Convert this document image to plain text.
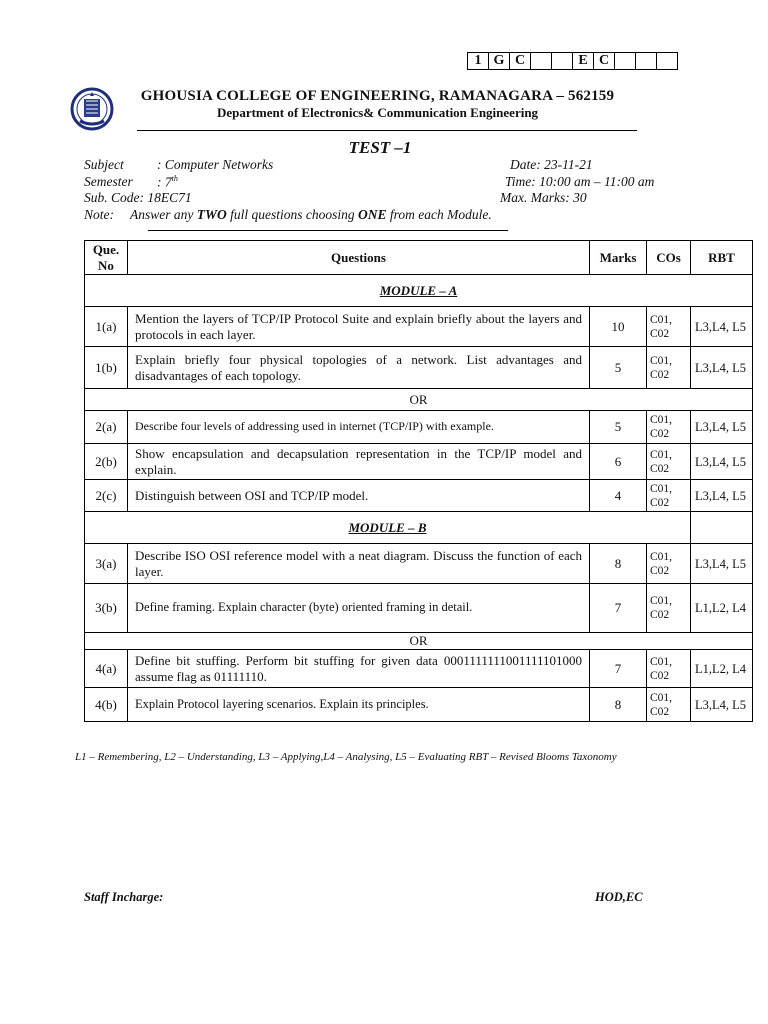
1 G C	E C
GHOUSIA COLLEGE OF ENGINEERING, RAMANAGARA – 562159
Department of Electronics& Communication Engineering
TEST –1
Subject : Computer Networks	Date: 23-11-21
Semester : 7th	Time: 10:00 am – 11:00 am
Sub. Code: 18EC71	Max. Marks: 30
Note: Answer any TWO full questions choosing ONE from each Module.
Que. No	Questions	Marks	COs	RBT
MODULE – A				
1(a)	Mention the layers of TCP/IP Protocol Suite and explain briefly about the layers and protocols in each layer.	10	C01, C02	L3,L4, L5
1(b)	Explain briefly four physical topologies of a network. List advantages and disadvantages of each topology.	5	C01, C02	L3,L4, L5
OR				
2(a)	Describe four levels of addressing used in internet (TCP/IP) with example.	5	C01, C02	L3,L4, L5
2(b)	Show encapsulation and decapsulation representation in the TCP/IP model and explain.	6	C01, C02	L3,L4, L5
2(c)	Distinguish between OSI and TCP/IP model.	4	C01, C02	L3,L4, L5
MODULE – B				
3(a)	Describe ISO OSI reference model with a neat diagram. Discuss the function of each layer.	8	C01, C02	L3,L4, L5
3(b)	Define framing. Explain character (byte) oriented framing in detail.	7	C01, C02	L1,L2, L4
OR				
4(a)	Define bit stuffing. Perform bit stuffing for given data 0001111111001111101000 assume flag as 01111110.	7	C01, C02	L1,L2, L4
4(b)	Explain Protocol layering scenarios. Explain its principles.	8	C01, C02	L3,L4, L5
L1 – Remembering, L2 – Understanding, L3 – Applying,L4 – Analysing, L5 – Evaluating RBT – Revised Blooms Taxonomy
Staff Incharge:	HOD,EC
